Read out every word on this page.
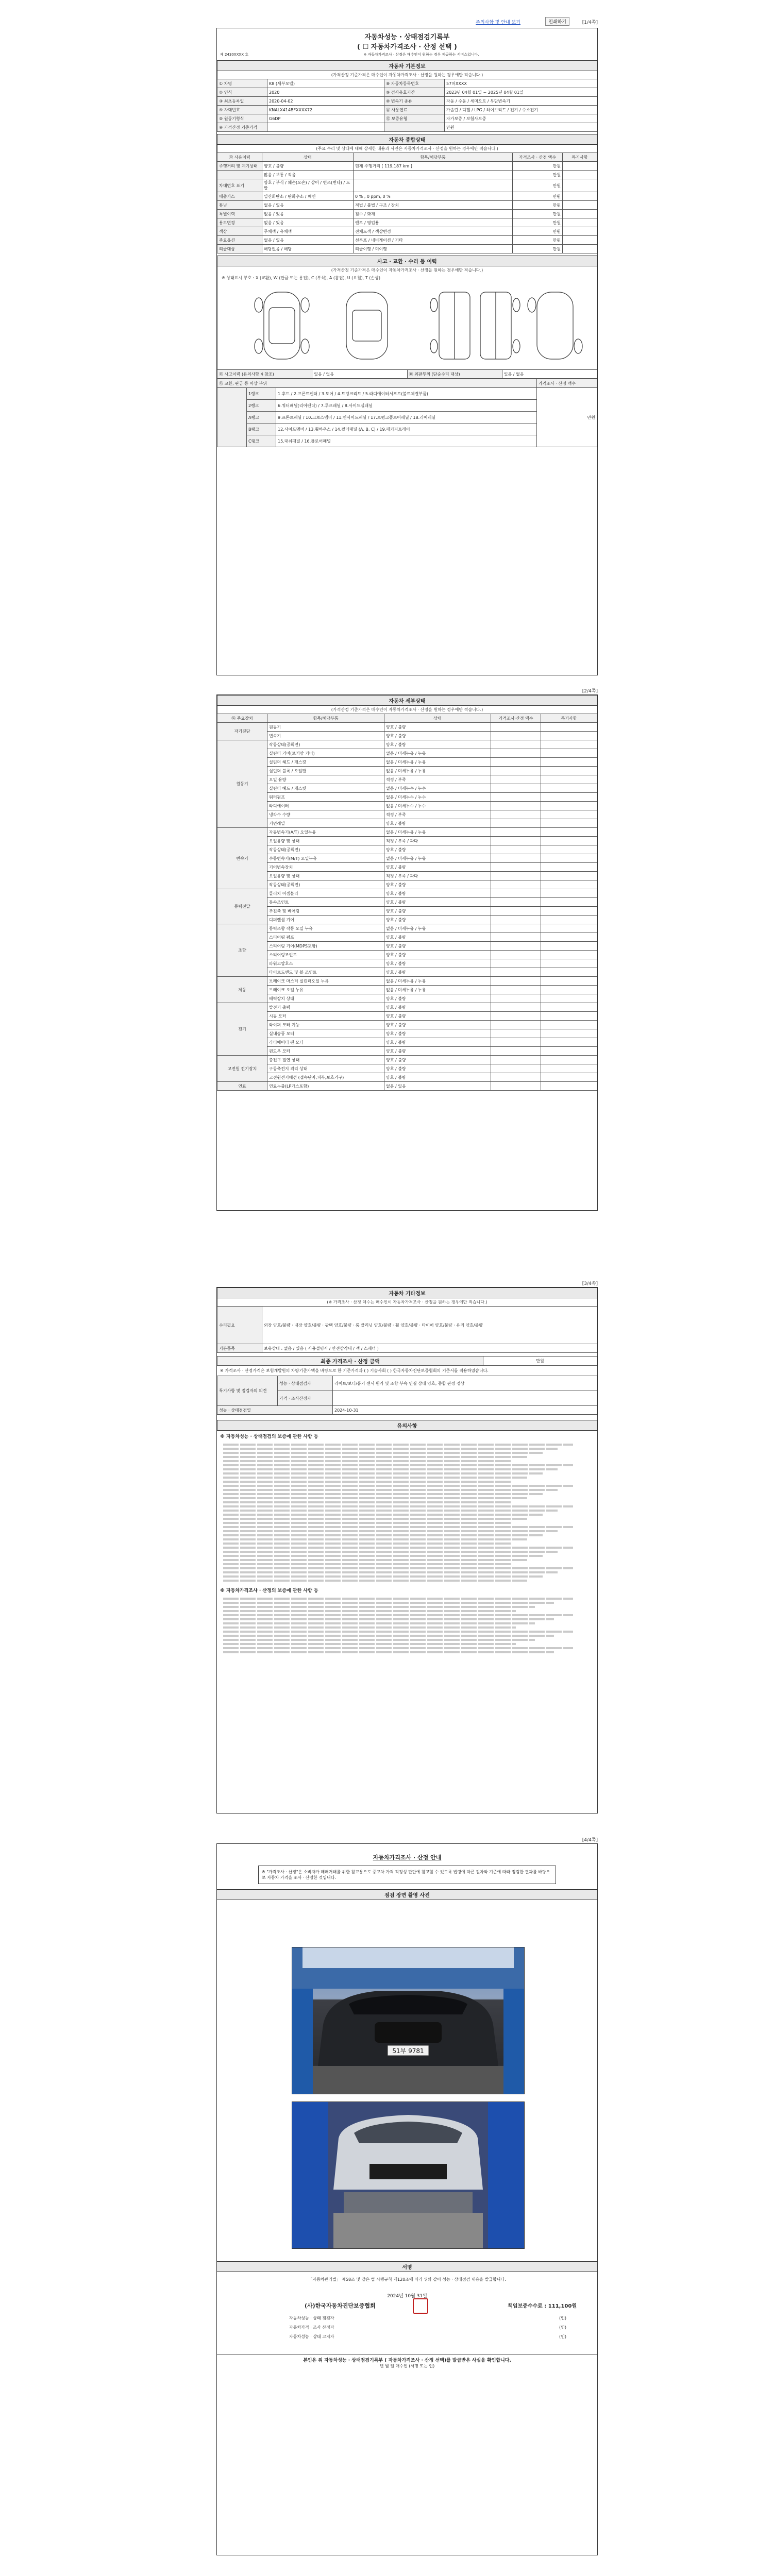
주의사항 및 안내 보기	인쇄하기	[1/4쪽]
자동차성능 · 상태점검기록부
( ☐ 자동차가격조사 · 산정 선택 )
제 2430XXXX 호	※ 자동차가격조사 · 산정은 매수인이 원하는 경우 제공하는 서비스입니다.
자동차 기본정보
(가격산정 기준가격은 매수인이 자동차가격조사 · 산정을 원하는 경우에만 적습니다.)
① 차명	K8 (세부모델)	⑧ 자동차등록번호	57머XXXX
② 연식	2020	⑨ 검사유효기간	2023년 04월 01일 ~ 2025년 04월 01일
③ 최초등록일	2020-04-02	⑩ 변속기 종류	자동 / 수동 / 세미오토 / 무단변속기
④ 차대번호	KNALX414BFXXXX72	⑪ 사용연료	가솔린 / 디젤 / LPG / 하이브리드 / 전기 / 수소전기
⑤ 원동기형식	G6DP	⑫ 보증유형	자가보증 / 보험사보증
⑥ 가격산정 기준가격			만원
자동차 종합상태
(주요 수리 및 상태에 대해 상세한 내용과 사진은 자동차가격조사 · 산정을 원하는 경우에만 적습니다.)
⑫ 사용이력	상태	항목/해당부품	가격조사 · 산정 액수	특기사항
주행거리 및 계기상태	양호 / 불량	현재 주행거리 [ 119,187 km ]	만원	
	많음 / 보통 / 적음		만원	
차대번호 표기	양호 / 부식 / 훼손(오손) / 상이 / 변조(변타) / 도말		만원	
배출가스	일산화탄소 / 탄화수소 / 매연	0 % , 0 ppm, 0 %	만원	
튜닝	없음 / 있음	적법 / 불법 / 구조 / 장치	만원	
특별이력	없음 / 있음	침수 / 화재	만원	
용도변경	없음 / 있음	렌트 / 영업용	만원	
색상	무채색 / 유채색	전체도색 / 색상변경	만원	
주요옵션	없음 / 있음	선루프 / 네비게이션 / 기타	만원	
리콜대상	해당없음 / 해당	리콜이행 / 미이행	만원	
사고 · 교환 · 수리 등 이력
(가격산정 기준가격은 매수인이 자동차가격조사 · 산정을 원하는 경우에만 적습니다.)
※ 상태표시 부호 : X (교환), W (판금 또는 용접), C (부식), A (흠집), U (요철), T (손상)
⑬ 사고이력 (유의사항 4 참조)	있음 / 없음	⑭ 외판부위 (단순수리 대상)	있음 / 없음
⑮ 교환, 판금 등 이상 부위			가격조사 · 산정 액수
	1랭크	1.후드 / 2.프론트펜더 / 3.도어 / 4.트렁크리드 / 5.라디에이터서포트(볼트체결부품)	만원
	2랭크	6.쿼터패널(리어펜더) / 7.루프패널 / 8.사이드실패널	
	A랭크	9.프론트패널 / 10.크로스멤버 / 11.인사이드패널 / 17.트렁크플로어패널 / 18.리어패널	
	B랭크	12.사이드멤버 / 13.휠하우스 / 14.필러패널 (A, B, C) / 19.패키지트레이	
	C랭크	15.대쉬패널 / 16.플로어패널	
[2/4쪽]
자동차 세부상태
(가격산정 기준가격은 매수인이 자동차가격조사 · 산정을 원하는 경우에만 적습니다.)
⑯ 주요장치	항목/해당부품	상태	가격조사·산정 액수	특기사항
자기진단	원동기	양호 / 불량		
	변속기	양호 / 불량		
원동기	작동상태(공회전)	양호 / 불량		
	실린더 커버(로커암 커버)	없음 / 미세누유 / 누유		
	실린더 헤드 / 개스킷	없음 / 미세누유 / 누유		
	실린더 블록 / 오일팬	없음 / 미세누유 / 누유		
	오일 유량	적정 / 부족		
	실린더 헤드 / 개스킷	없음 / 미세누수 / 누수		
	워터펌프	없음 / 미세누수 / 누수		
	라디에이터	없음 / 미세누수 / 누수		
	냉각수 수량	적정 / 부족		
	커먼레일	양호 / 불량		
변속기	자동변속기(A/T) 오일누유	없음 / 미세누유 / 누유		
	오일유량 및 상태	적정 / 부족 / 과다		
	작동상태(공회전)	양호 / 불량		
	수동변속기(M/T) 오일누유	없음 / 미세누유 / 누유		
	기어변속장치	양호 / 불량		
	오일유량 및 상태	적정 / 부족 / 과다		
	작동상태(공회전)	양호 / 불량		
동력전달	클러치 어셈블리	양호 / 불량		
	등속조인트	양호 / 불량		
	추진축 및 베어링	양호 / 불량		
	디퍼렌셜 기어	양호 / 불량		
조향	동력조향 작동 오일 누유	없음 / 미세누유 / 누유		
	스티어링 펌프	양호 / 불량		
	스티어링 기어(MDPS포함)	양호 / 불량		
	스티어링조인트	양호 / 불량		
	파워고압호스	양호 / 불량		
	타이로드엔드 및 볼 조인트	양호 / 불량		
제동	브레이크 마스터 실린더오일 누유	없음 / 미세누유 / 누유		
	브레이크 오일 누유	없음 / 미세누유 / 누유		
	배력장치 상태	양호 / 불량		
전기	발전기 출력	양호 / 불량		
	시동 모터	양호 / 불량		
	와이퍼 모터 기능	양호 / 불량		
	실내송풍 모터	양호 / 불량		
	라디에이터 팬 모터	양호 / 불량		
	윈도우 모터	양호 / 불량		
고전원 전기장치	충전구 절연 상태	양호 / 불량		
	구동축전지 격리 상태	양호 / 불량		
	고전원전기배선 (접속단자,피복,보호기구)	양호 / 불량		
연료	연료누출(LP가스포함)	없음 / 있음		
[3/4쪽]
자동차 기타정보
(※ 가격조사 · 산정 액수는 매수인이 자동차가격조사 · 산정을 원하는 경우에만 적습니다.)
수리필요	외장 양호/불량 · 내장 양호/불량 · 광택 양호/불량 · 룸 클리닝 양호/불량 · 휠 양호/불량 · 타이어 양호/불량 · 유리 양호/불량
기본품목	보유상태 : 없음 / 있음 ( 사용설명서 / 안전삼각대 / 잭 / 스패너 )
최종 가격조사 · 산정 금액	만원
※ 가격조사 · 산정가격은 보험개발원의 차량기준가액을 바탕으로 한 기준가격과 ( ) 기술사회 ( ) 한국자동차진단보증협회의 기준서를 적용하였습니다.
특기사항 및 점검자의 의견	성능 · 상태점검자	라이트/보디/흡기 센서 원가 및 조향 부속 연결 상태 양호, 종합 판정 정상
	가격 · 조사산정자	
성능 · 상태점검일		2024-10-31
유의사항
※ 자동차성능 · 상태점검의 보증에 관한 사항 등
※ 자동차가격조사 · 산정의 보증에 관한 사항 등
[4/4쪽]
자동차가격조사 · 산정 안내
※ "가격조사 · 산정"은 소비자가 매매거래를 위한 참고용으로 중고차 가격 적정성 판단에 참고할 수 있도록 법령에 따른 절차와 기준에 따라 점검한 결과를 바탕으로 자동차 가격을 조사 · 산정한 것입니다.
점검 장면 촬영 사진
51부 9781
서명
「자동차관리법」 제58조 및 같은 법 시행규칙 제120조에 따라 위와 같이 성능 · 상태점검 내용을 발급합니다.
2024년 10월 31일
(사)한국자동차진단보증협회	책임보증수수료 : 111,100원
자동차성능 · 상태 점검자	(인)
자동차가격 · 조사 산정자	(인)
자동차성능 · 상태 고지자	(인)
본인은 위 자동차성능 · 상태점검기록부 ( 자동차가격조사 · 산정 선택)를 발급받은 사실을 확인합니다.
년 월 일 매수인 (서명 또는 인)
